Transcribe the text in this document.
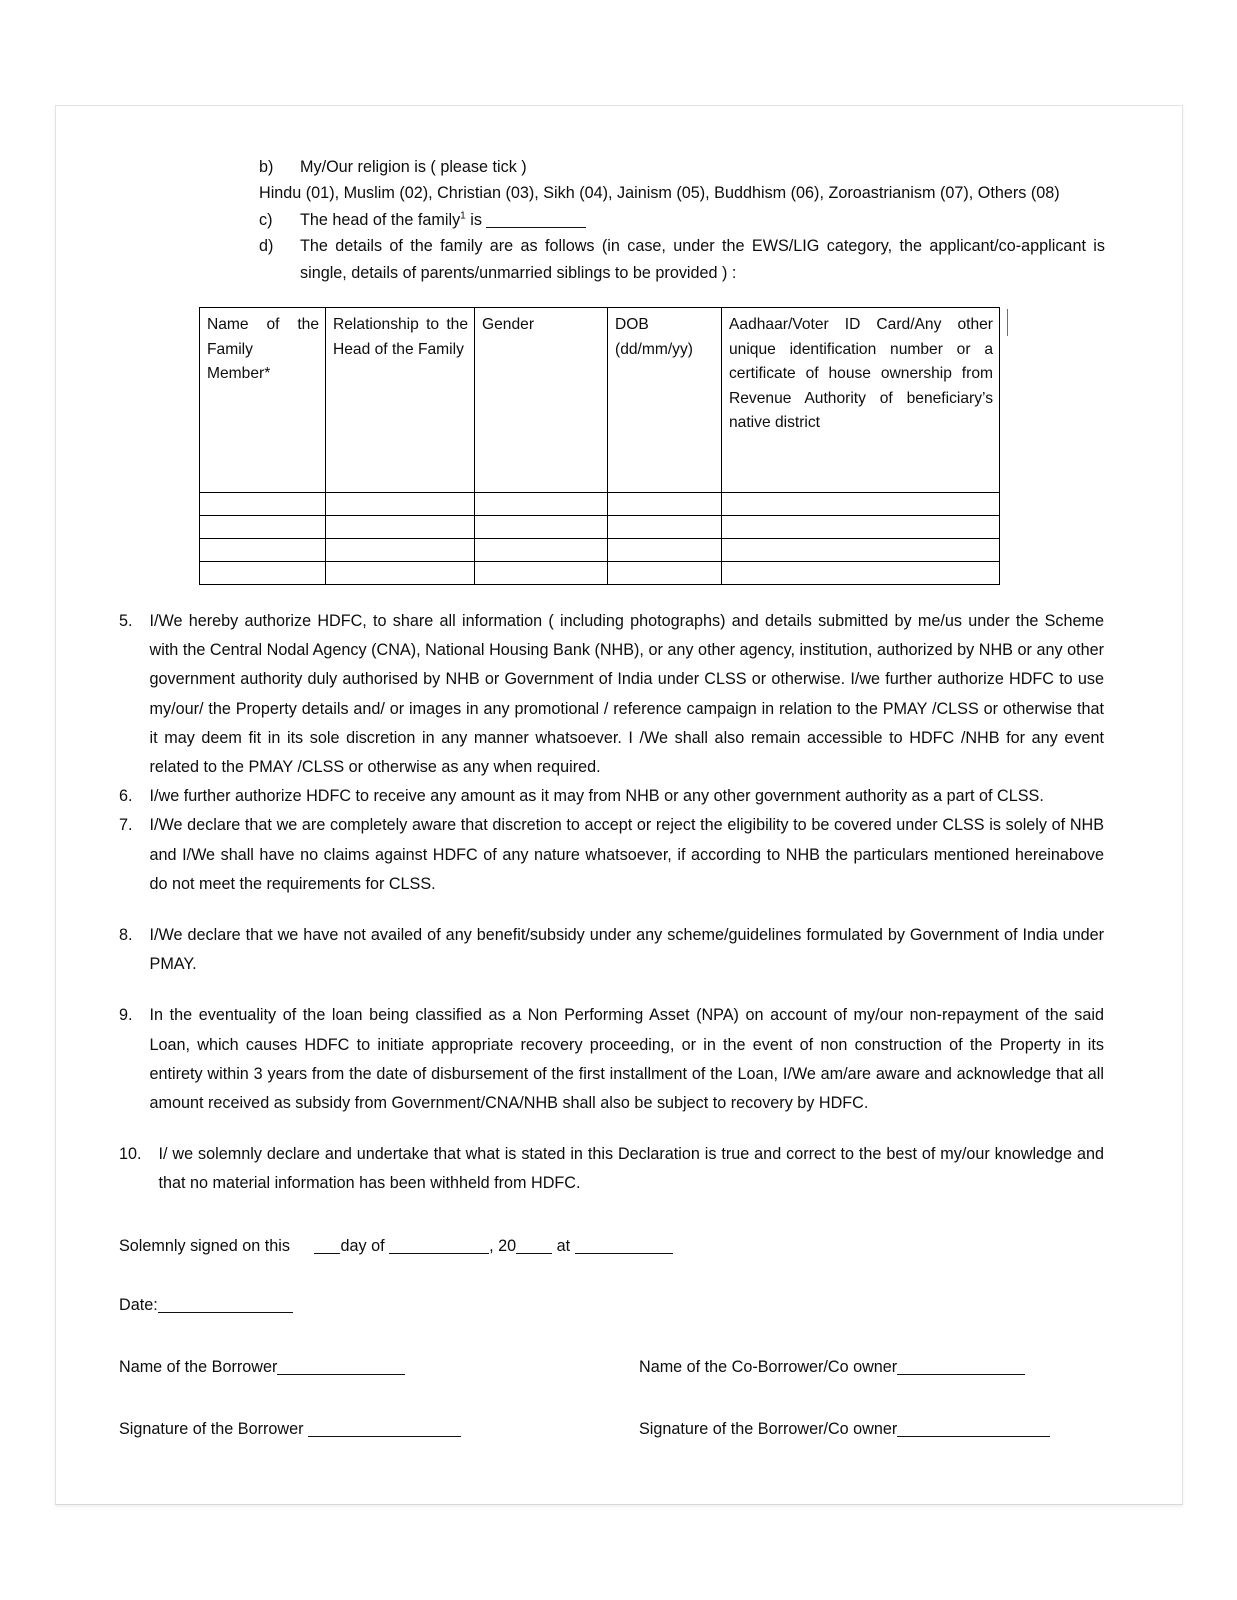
b)	My/Our religion is ( please tick )
Hindu (01), Muslim (02), Christian (03), Sikh (04), Jainism (05), Buddhism (06), Zoroastrianism (07), Others (08)
c)	The head of the family$^1$ is
d)	The details of the family are as follows (in case, under the EWS/LIG category, the applicant/co-applicant is single, details of parents/unmarried siblings to be provided ) :
Name of the Family Member*	Relationship to the Head of the Family	Gender	DOB (dd/mm/yy)	Aadhaar/Voter ID Card/Any other unique identification number or a certificate of house ownership from Revenue Authority of beneficiary’s native district

5.	I/We hereby authorize HDFC, to share all information ( including photographs) and details submitted by me/us under the Scheme with the Central Nodal Agency (CNA), National Housing Bank (NHB), or any other agency, institution, authorized by NHB or any other government authority duly authorised by NHB or Government of India under CLSS or otherwise. I/we further authorize HDFC to use my/our/ the Property details and/ or images in any promotional / reference campaign in relation to the PMAY /CLSS or otherwise that it may deem fit in its sole discretion in any manner whatsoever. I /We shall also remain accessible to HDFC /NHB for any event related to the PMAY /CLSS or otherwise as any when required.
6.	I/we further authorize HDFC to receive any amount as it may from NHB or any other government authority as a part of CLSS.
7.	I/We declare that we are completely aware that discretion to accept or reject the eligibility to be covered under CLSS is solely of NHB and I/We shall have no claims against HDFC of any nature whatsoever, if according to NHB the particulars mentioned hereinabove do not meet the requirements for CLSS.
8.	I/We declare that we have not availed of any benefit/subsidy under any scheme/guidelines formulated by Government of India under PMAY.
9.	In the eventuality of the loan being classified as a Non Performing Asset (NPA) on account of my/our non-repayment of the said Loan, which causes HDFC to initiate appropriate recovery proceeding, or in the event of non construction of the Property in its entirety within 3 years from the date of disbursement of the first installment of the Loan, I/We am/are aware and acknowledge that all amount received as subsidy from Government/CNA/NHB shall also be subject to recovery by HDFC.
10.	I/ we solemnly declare and undertake that what is stated in this Declaration is true and correct to the best of my/our knowledge and that no material information has been withheld from HDFC.
Solemnly signed on this	day of	, 20	at
Date:
Name of the Borrower	Name of the Co-Borrower/Co owner
Signature of the Borrower	Signature of the Borrower/Co owner
